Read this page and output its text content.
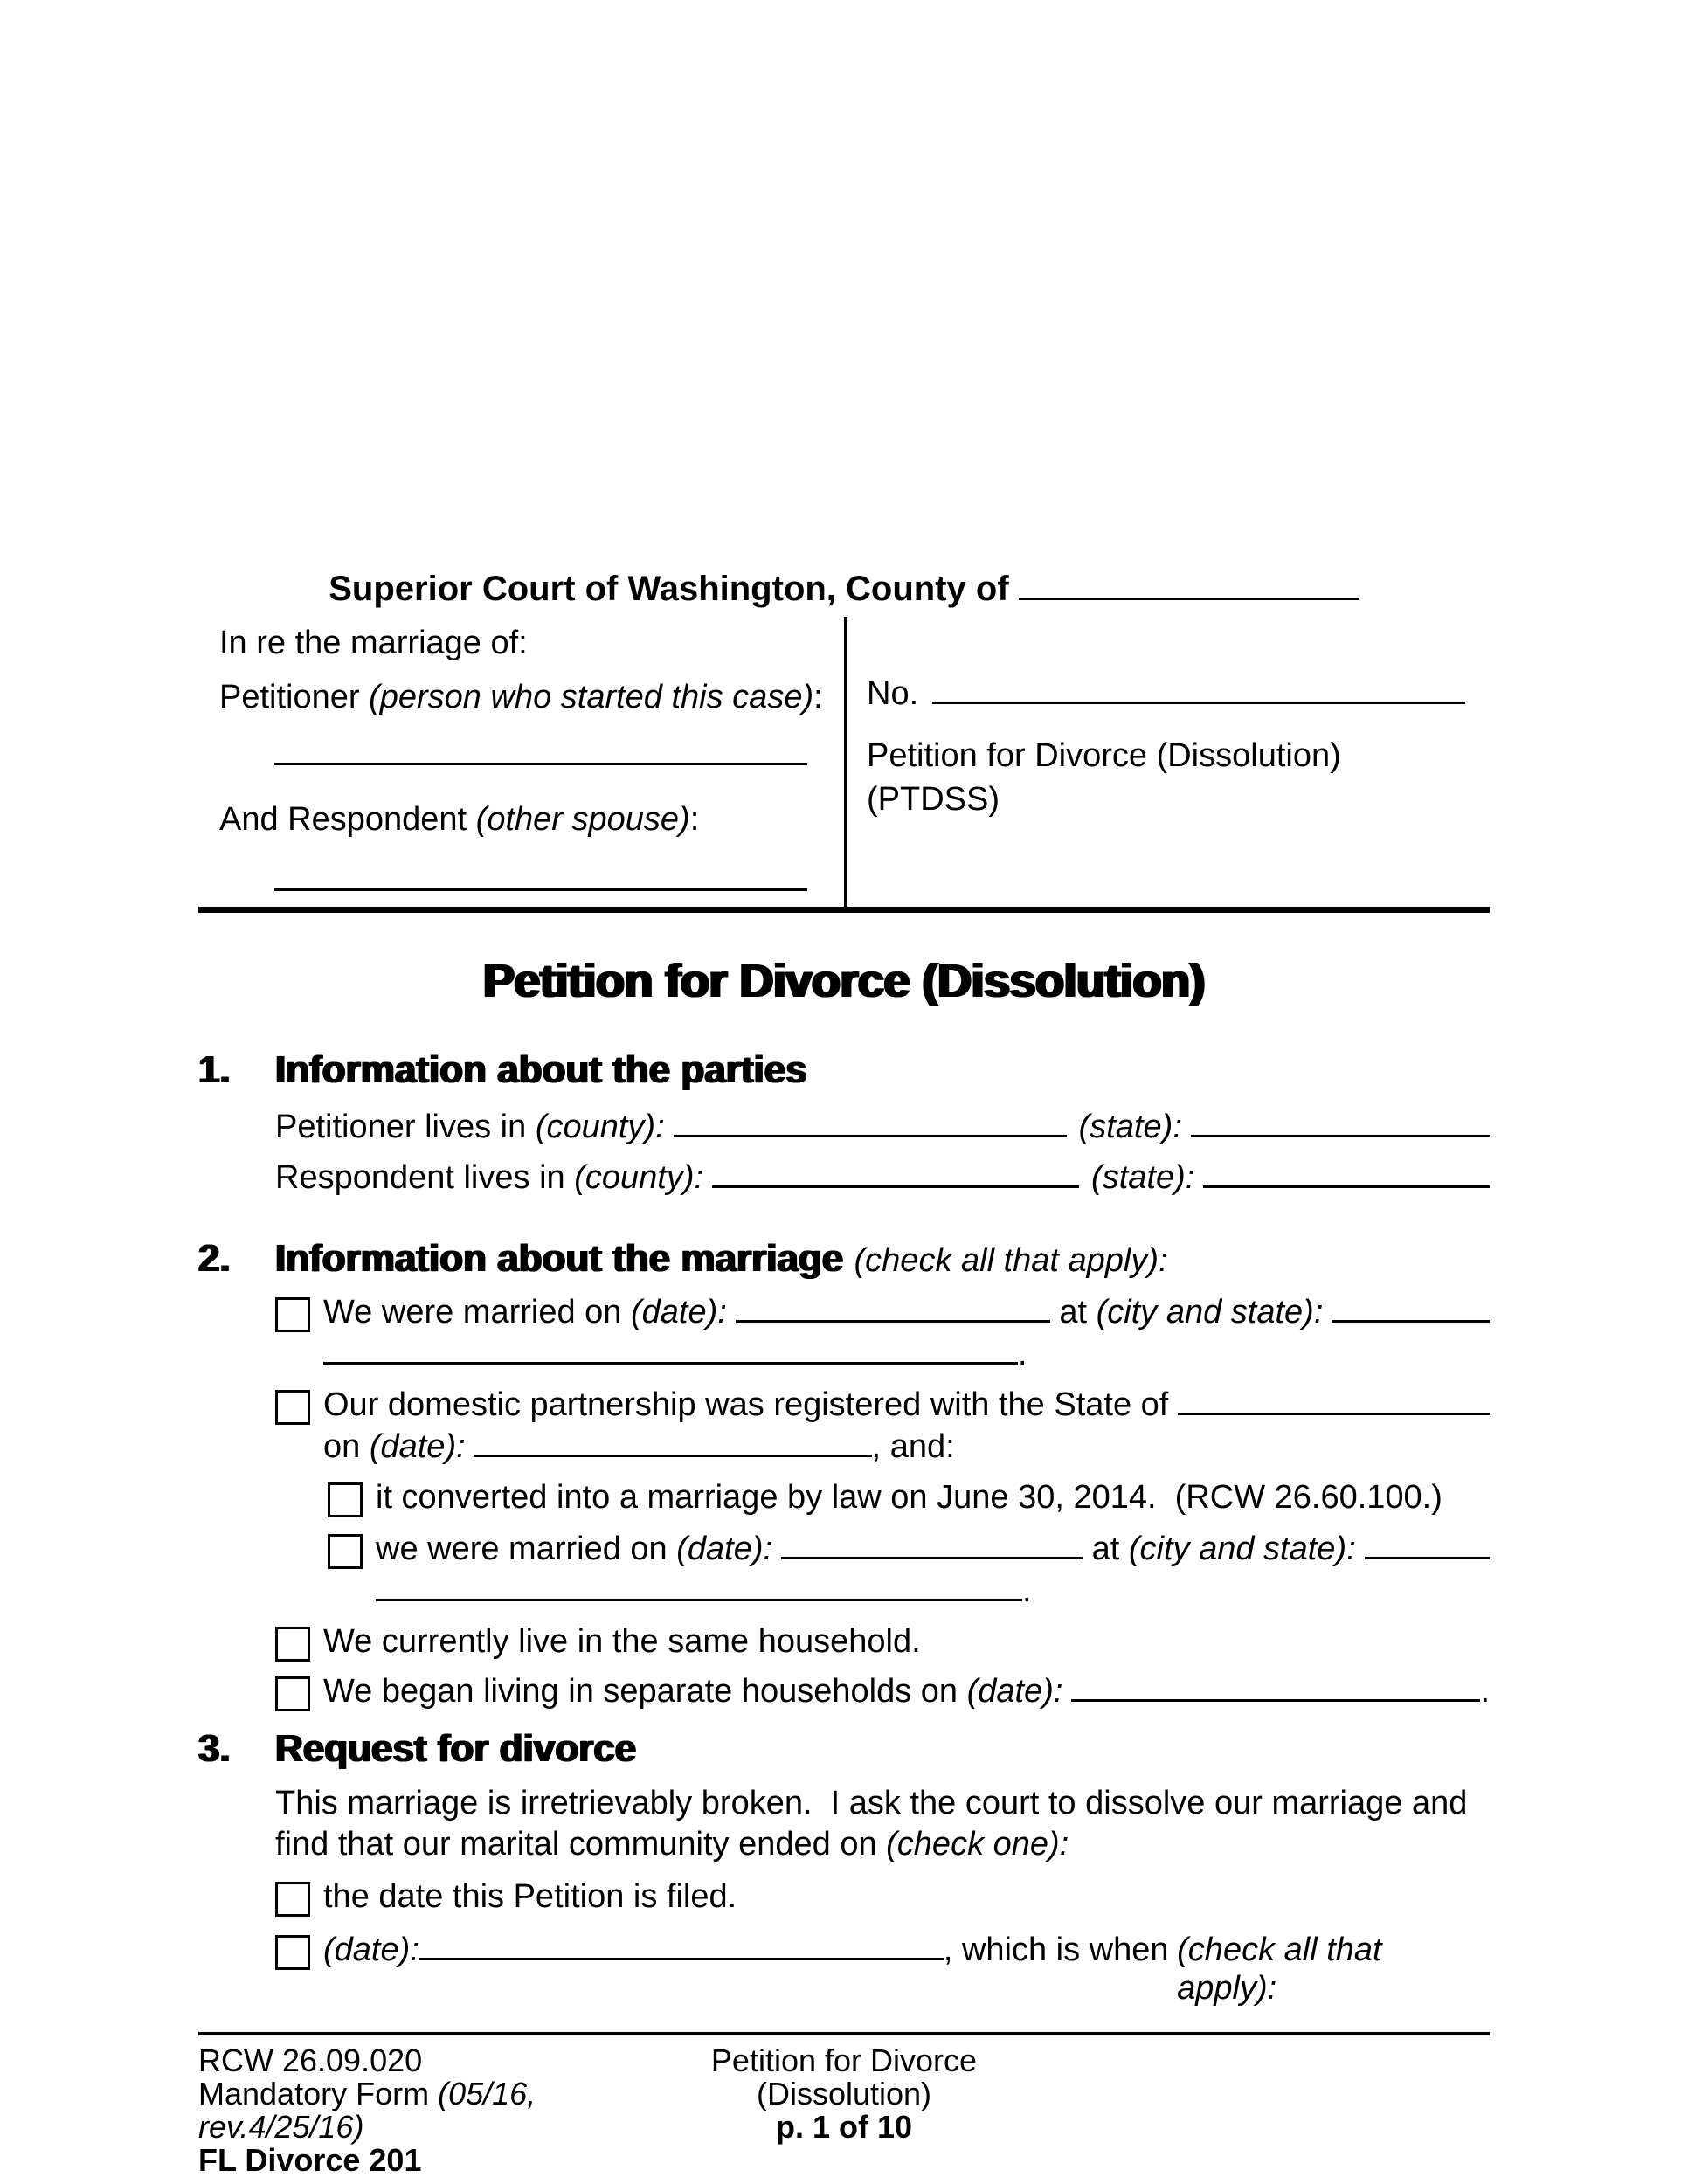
Superior Court of Washington, County of
In re the marriage of:
Petitioner (person who started this case):
And Respondent (other spouse):
No.
Petition for Divorce (Dissolution)
(PTDSS)
Petition for Divorce (Dissolution)
1.	Information about the parties
Petitioner lives in (county):	(state):
Respondent lives in (county):	(state):
2.	Information about the marriage (check all that apply):
We were married on (date):	at (city and state):
.
Our domestic partnership was registered with the State of
on (date):	, and:
it converted into a marriage by law on June 30, 2014.  (RCW 26.60.100.)
we were married on (date):	at (city and state):
.
We currently live in the same household.
We began living in separate households on (date):	.
3.	Request for divorce
This marriage is irretrievably broken.  I ask the court to dissolve our marriage and find that our marital community ended on (check one):
the date this Petition is filed.
(date):	, which is when (check all that apply):
RCW 26.09.020
Mandatory Form (05/16, rev.4/25/16)
FL Divorce 201
Petition for Divorce
(Dissolution)
p. 1 of 10
